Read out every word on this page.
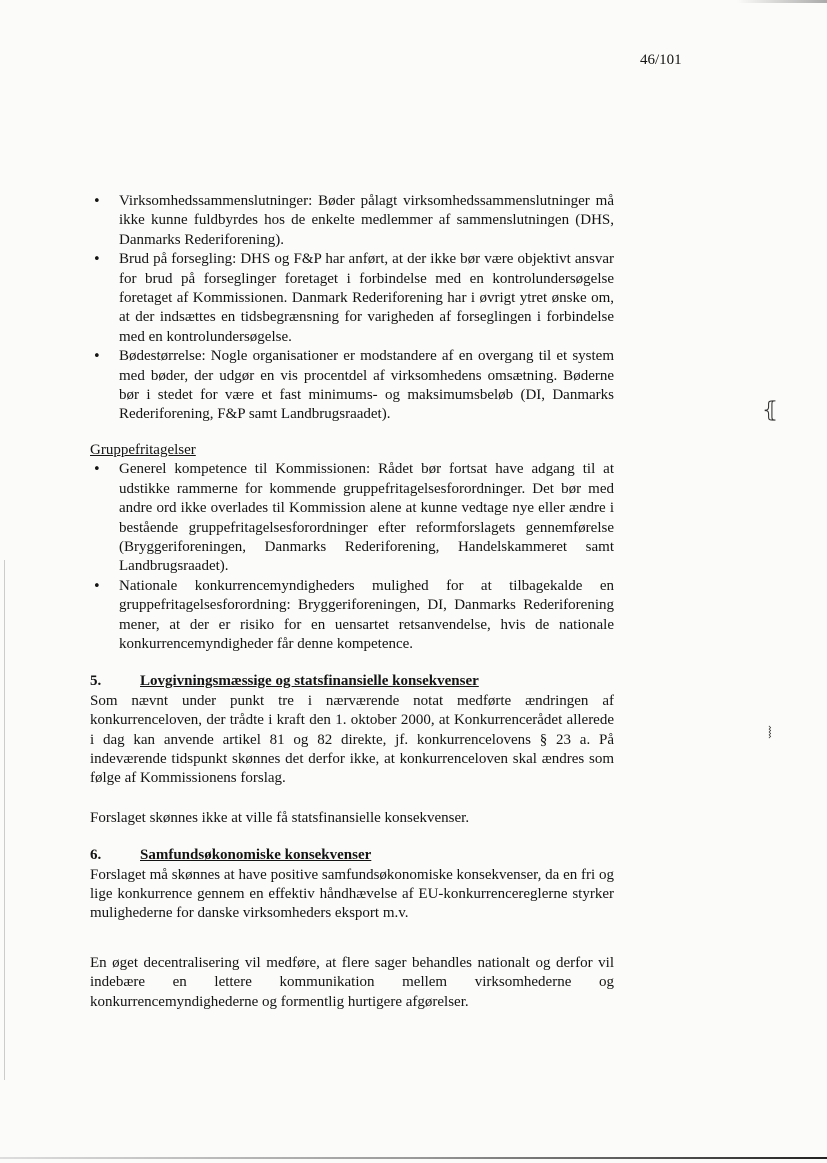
46/101
• Virksomhedssammenslutninger: Bøder pålagt virksomhedssammenslutninger må ikke kunne fuldbyrdes hos de enkelte medlemmer af sammenslutningen (DHS, Danmarks Rederiforening).
• Brud på forsegling: DHS og F&P har anført, at der ikke bør være objektivt ansvar for brud på forseglinger foretaget i forbindelse med en kontrolundersøgelse foretaget af Kommissionen. Danmark Rederiforening har i øvrigt ytret ønske om, at der indsættes en tidsbegrænsning for varigheden af forseglingen i forbindelse med en kontrolundersøgelse.
• Bødestørrelse: Nogle organisationer er modstandere af en overgang til et system med bøder, der udgør en vis procentdel af virksomhedens omsætning. Bøderne bør i stedet for være et fast minimums- og maksimumsbeløb (DI, Danmarks Rederiforening, F&P samt Landbrugsraadet).
Gruppefritagelser
• Generel kompetence til Kommissionen: Rådet bør fortsat have adgang til at udstikke rammerne for kommende gruppefritagelsesforordninger. Det bør med andre ord ikke overlades til Kommission alene at kunne vedtage nye eller ændre i bestående gruppefritagelsesforordninger efter reformforslagets gennemførelse (Bryggeriforeningen, Danmarks Rederiforening, Handelskammeret samt Landbrugsraadet).
• Nationale konkurrencemyndigheders mulighed for at tilbagekalde en gruppefritagelsesforordning: Bryggeriforeningen, DI, Danmarks Rederiforening mener, at der er risiko for en uensartet retsanvendelse, hvis de nationale konkurrencemyndigheder får denne kompetence.
5.	Lovgivningsmæssige og statsfinansielle konsekvenser

Som nævnt under punkt tre i nærværende notat medførte ændringen af konkurrenceloven, der trådte i kraft den 1. oktober 2000, at Konkurrencerådet allerede i dag kan anvende artikel 81 og 82 direkte, jf. konkurrencelovens § 23 a. På indeværende tidspunkt skønnes det derfor ikke, at konkurrenceloven skal ændres som følge af Kommissionens forslag.

Forslaget skønnes ikke at ville få statsfinansielle konsekvenser.

6.	Samfundsøkonomiske konsekvenser

Forslaget må skønnes at have positive samfundsøkonomiske konsekvenser, da en fri og lige konkurrence gennem en effektiv håndhævelse af EU-konkurrencereglerne styrker mulighederne for danske virksomheders eksport m.v.

En øget decentralisering vil medføre, at flere sager behandles nationalt og derfor vil indebære en lettere kommunikation mellem virksomhederne og konkurrencemyndighederne og formentlig hurtigere afgørelser.

⦃
⧘
